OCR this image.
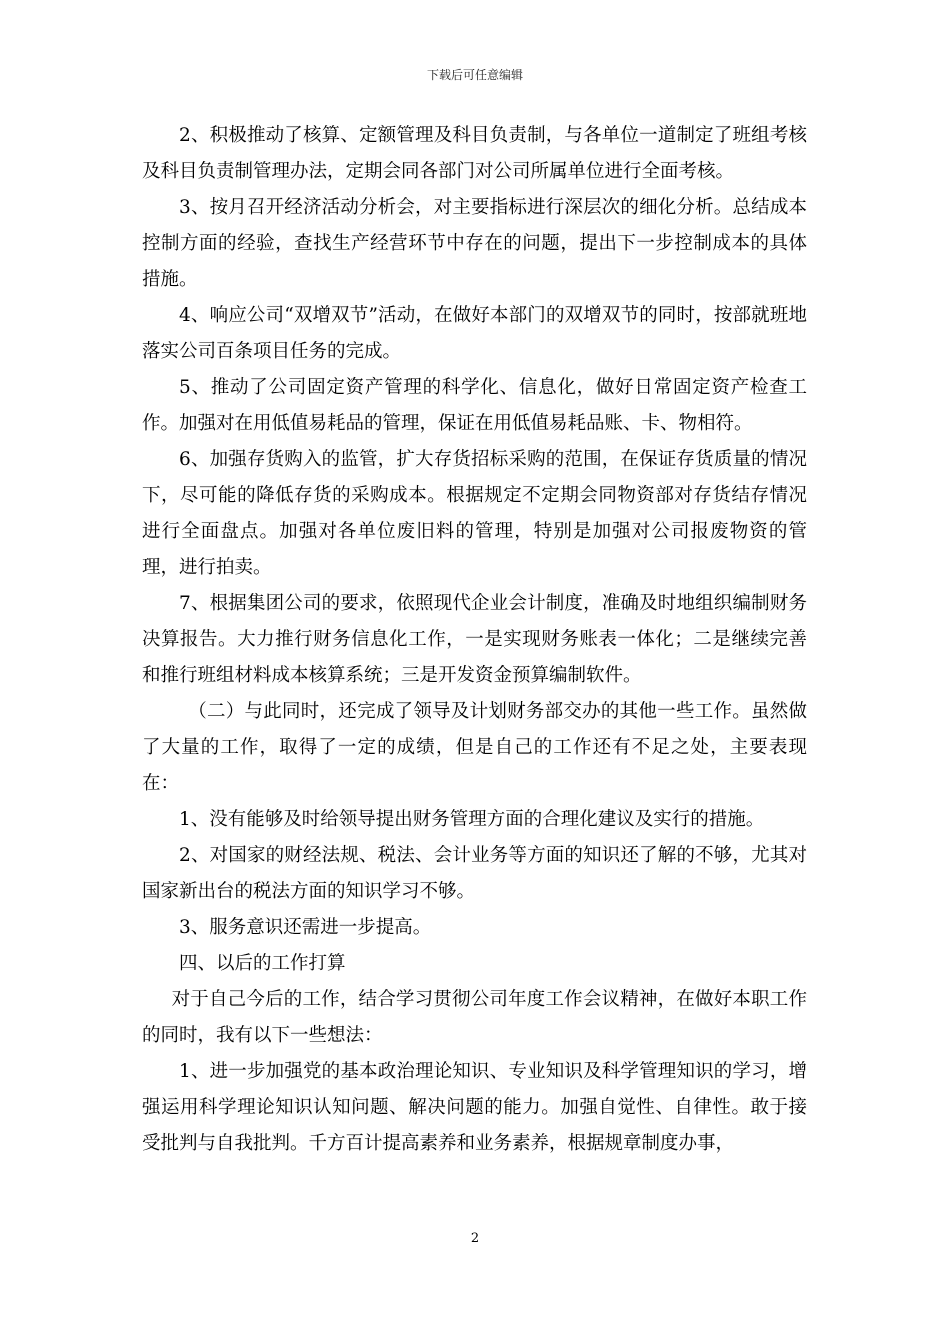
下载后可任意编辑

2、积极推动了核算、定额管理及科目负责制，与各单位一道制定了班组考核及科目负责制管理办法，定期会同各部门对公司所属单位进行全面考核。

3、按月召开经济活动分析会，对主要指标进行深层次的细化分析。总结成本控制方面的经验，查找生产经营环节中存在的问题，提出下一步控制成本的具体措施。

4、响应公司“双增双节”活动，在做好本部门的双增双节的同时，按部就班地落实公司百条项目任务的完成。

5、推动了公司固定资产管理的科学化、信息化，做好日常固定资产检查工作。加强对在用低值易耗品的管理，保证在用低值易耗品账、卡、物相符。

6、加强存货购入的监管，扩大存货招标采购的范围，在保证存货质量的情况下，尽可能的降低存货的采购成本。根据规定不定期会同物资部对存货结存情况进行全面盘点。加强对各单位废旧料的管理，特别是加强对公司报废物资的管理，进行拍卖。

7、根据集团公司的要求，依照现代企业会计制度，准确及时地组织编制财务决算报告。大力推行财务信息化工作，一是实现财务账表一体化；二是继续完善和推行班组材料成本核算系统；三是开发资金预算编制软件。

（二）与此同时，还完成了领导及计划财务部交办的其他一些工作。虽然做了大量的工作，取得了一定的成绩，但是自己的工作还有不足之处，主要表现在：

1、没有能够及时给领导提出财务管理方面的合理化建议及实行的措施。

2、对国家的财经法规、税法、会计业务等方面的知识还了解的不够，尤其对国家新出台的税法方面的知识学习不够。

3、服务意识还需进一步提高。

四、以后的工作打算

对于自己今后的工作，结合学习贯彻公司年度工作会议精神，在做好本职工作的同时，我有以下一些想法：

1、进一步加强党的基本政治理论知识、专业知识及科学管理知识的学习，增强运用科学理论知识认知问题、解决问题的能力。加强自觉性、自律性。敢于接受批判与自我批判。千方百计提高素养和业务素养，根据规章制度办事，

2
